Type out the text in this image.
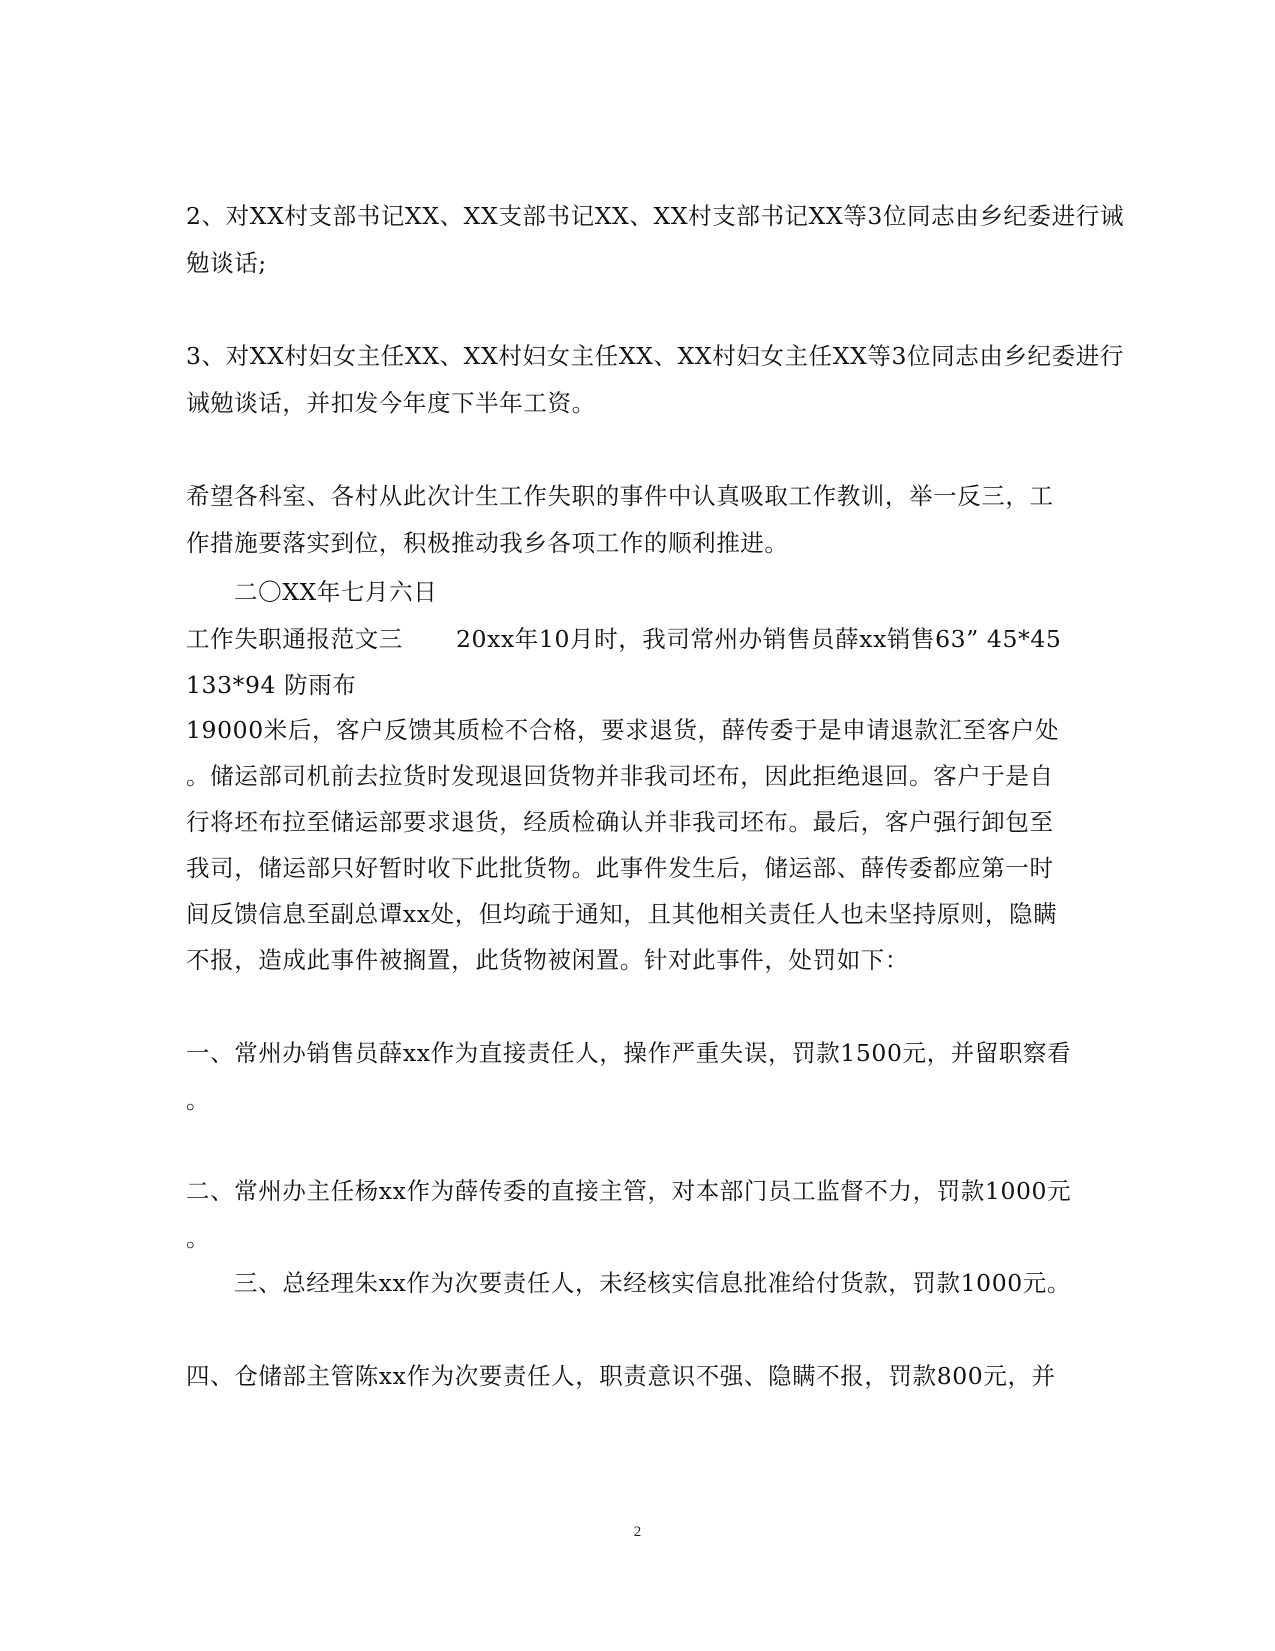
2、对XX村支部书记XX、XX支部书记XX、XX村支部书记XX等3位同志由乡纪委进行诫
勉谈话;
3、对XX村妇女主任XX、XX村妇女主任XX、XX村妇女主任XX等3位同志由乡纪委进行
诫勉谈话，并扣发今年度下半年工资。
希望各科室、各村从此次计生工作失职的事件中认真吸取工作教训，举一反三，工
作措施要落实到位，积极推动我乡各项工作的顺利推进。
二〇XX年七月六日
工作失职通报范文三 20xx年10月时，我司常州办销售员薛xx销售63” 45*45
133*94 防雨布
19000米后，客户反馈其质检不合格，要求退货，薛传委于是申请退款汇至客户处
。储运部司机前去拉货时发现退回货物并非我司坯布，因此拒绝退回。客户于是自
行将坯布拉至储运部要求退货，经质检确认并非我司坯布。最后，客户强行卸包至
我司，储运部只好暂时收下此批货物。此事件发生后，储运部、薛传委都应第一时
间反馈信息至副总谭xx处，但均疏于通知，且其他相关责任人也未坚持原则，隐瞒
不报，造成此事件被搁置，此货物被闲置。针对此事件，处罚如下：
一、常州办销售员薛xx作为直接责任人，操作严重失误，罚款1500元，并留职察看
。
二、常州办主任杨xx作为薛传委的直接主管，对本部门员工监督不力，罚款1000元
。
三、总经理朱xx作为次要责任人，未经核实信息批准给付货款，罚款1000元。
四、仓储部主管陈xx作为次要责任人，职责意识不强、隐瞒不报，罚款800元，并
2
